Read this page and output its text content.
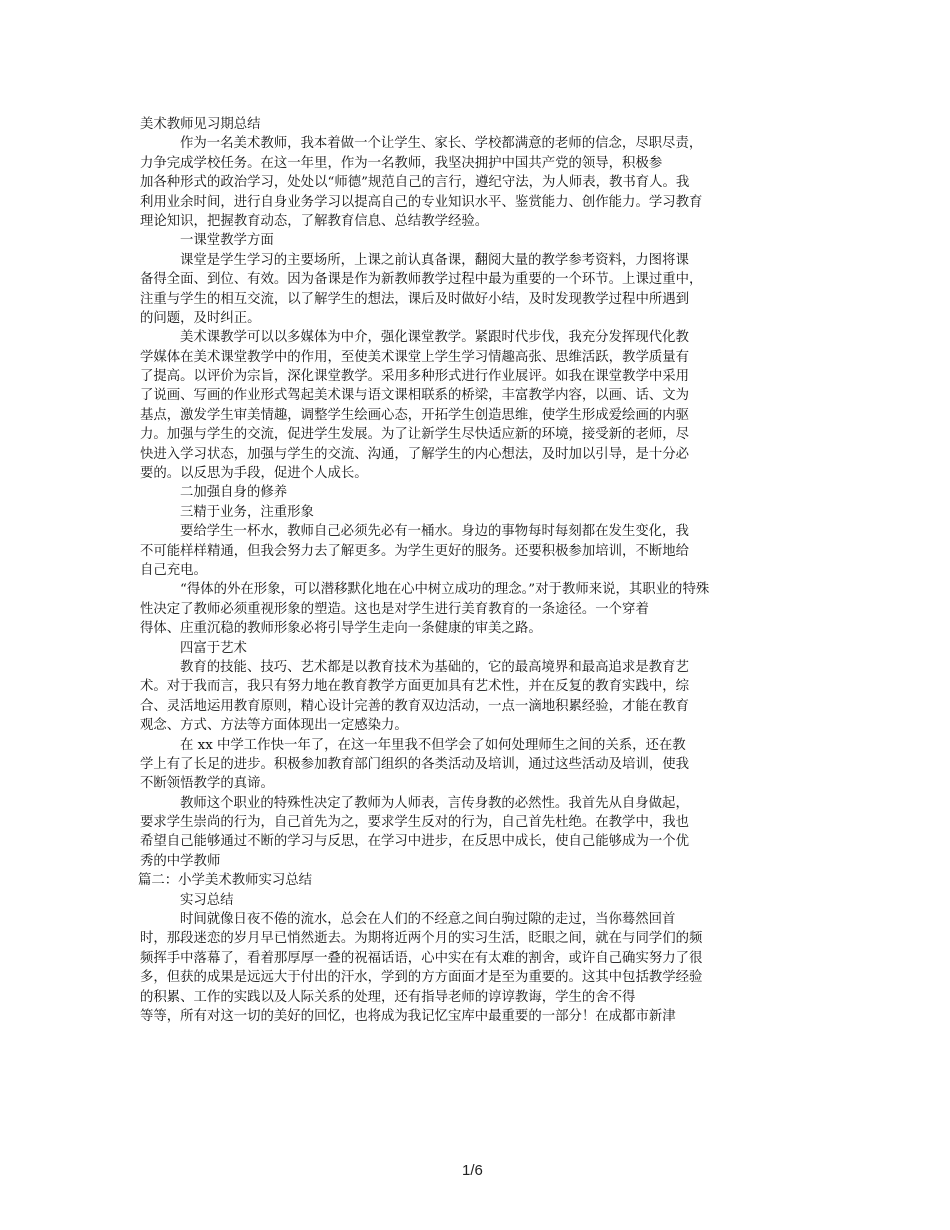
美术教师见习期总结
作为一名美术教师，我本着做一个让学生、家长、学校都满意的老师的信念，尽职尽责，
力争完成学校任务。在这一年里，作为一名教师，我坚决拥护中国共产党的领导，积极参
加各种形式的政治学习，处处以“师德”规范自己的言行，遵纪守法，为人师表，教书育人。我
利用业余时间，进行自身业务学习以提高自己的专业知识水平、鉴赏能力、创作能力。学习教育
理论知识，把握教育动态，了解教育信息、总结教学经验。
一课堂教学方面
课堂是学生学习的主要场所，上课之前认真备课，翻阅大量的教学参考资料，力图将课
备得全面、到位、有效。因为备课是作为新教师教学过程中最为重要的一个环节。上课过重中，
注重与学生的相互交流，以了解学生的想法，课后及时做好小结，及时发现教学过程中所遇到
的问题，及时纠正。
美术课教学可以以多媒体为中介，强化课堂教学。紧跟时代步伐，我充分发挥现代化教
学媒体在美术课堂教学中的作用，至使美术课堂上学生学习情趣高张、思维活跃，教学质量有
了提高。以评价为宗旨，深化课堂教学。采用多种形式进行作业展评。如我在课堂教学中采用
了说画、写画的作业形式驾起美术课与语文课相联系的桥梁，丰富教学内容，以画、话、文为
基点，激发学生审美情趣，调整学生绘画心态，开拓学生创造思维，使学生形成爱绘画的内驱
力。加强与学生的交流，促进学生发展。为了让新学生尽快适应新的环境，接受新的老师，尽
快进入学习状态，加强与学生的交流、沟通，了解学生的内心想法，及时加以引导，是十分必
要的。以反思为手段，促进个人成长。
二加强自身的修养
三精于业务，注重形象
要给学生一杯水，教师自己必须先必有一桶水。身边的事物每时每刻都在发生变化，我
不可能样样精通，但我会努力去了解更多。为学生更好的服务。还要积极参加培训，不断地给
自己充电。
“得体的外在形象，可以潜移默化地在心中树立成功的理念。”对于教师来说，其职业的特殊
性决定了教师必须重视形象的塑造。这也是对学生进行美育教育的一条途径。一个穿着
得体、庄重沉稳的教师形象必将引导学生走向一条健康的审美之路。
四富于艺术
教育的技能、技巧、艺术都是以教育技术为基础的，它的最高境界和最高追求是教育艺
术。对于我而言，我只有努力地在教育教学方面更加具有艺术性，并在反复的教育实践中，综
合、灵活地运用教育原则，精心设计完善的教育双边活动，一点一滴地积累经验，才能在教育
观念、方式、方法等方面体现出一定感染力。
在 xx 中学工作快一年了，在这一年里我不但学会了如何处理师生之间的关系，还在教
学上有了长足的进步。积极参加教育部门组织的各类活动及培训，通过这些活动及培训，使我
不断领悟教学的真谛。
教师这个职业的特殊性决定了教师为人师表，言传身教的必然性。我首先从自身做起，
要求学生崇尚的行为，自己首先为之，要求学生反对的行为，自己首先杜绝。在教学中，我也
希望自己能够通过不断的学习与反思，在学习中进步，在反思中成长，使自己能够成为一个优
秀的中学教师
篇二：小学美术教师实习总结
实习总结
时间就像日夜不倦的流水，总会在人们的不经意之间白驹过隙的走过，当你蓦然回首
时，那段迷恋的岁月早已悄然逝去。为期将近两个月的实习生活，眨眼之间，就在与同学们的频
频挥手中落幕了，看着那厚厚一叠的祝福话语，心中实在有太难的割舍，或许自己确实努力了很
多，但获的成果是远远大于付出的汗水，学到的方方面面才是至为重要的。这其中包括教学经验
的积累、工作的实践以及人际关系的处理，还有指导老师的谆谆教诲，学生的舍不得
等等，所有对这一切的美好的回忆，也将成为我记忆宝库中最重要的一部分！在成都市新津
1/6
